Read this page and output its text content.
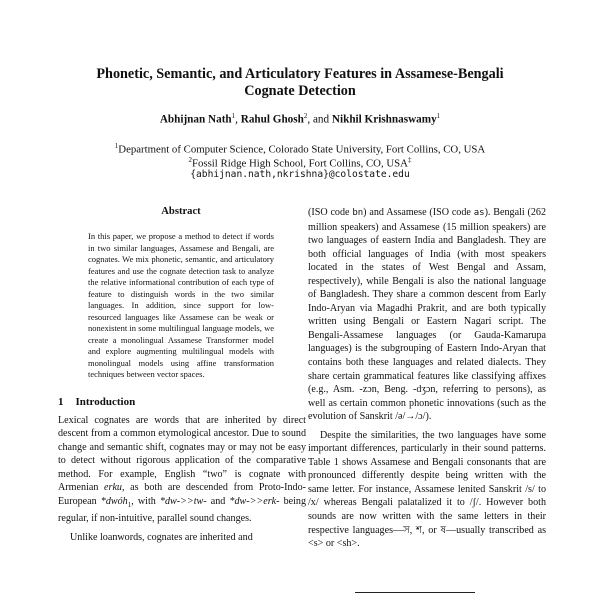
Phonetic, Semantic, and Articulatory Features in Assamese-Bengali
Cognate Detection
Abhijnan Nath$^1$, Rahul Ghosh$^2$, and Nikhil Krishnaswamy$^1$
$^1$Department of Computer Science, Colorado State University, Fort Collins, CO, USA
$^2$Fossil Ridge High School, Fort Collins, CO, USA‡
{abhijnan.nath,nkrishna}@colostate.edu
Abstract
In this paper, we propose a method to detect if words in two similar languages, Assamese and Bengali, are cognates. We mix phonetic, semantic, and articulatory features and use the cognate detection task to analyze the relative informational contribution of each type of feature to distinguish words in the two similar languages. In addition, since support for low-resourced languages like Assamese can be weak or nonexistent in some multilingual language models, we create a monolingual Assamese Transformer model and explore augmenting multilingual models with monolingual models using affine transformation techniques between vector spaces.
1 Introduction

Lexical cognates are words that are inherited by direct descent from a common etymological ancestor. Due to sound change and semantic shift, cognates may or may not be easy to detect without rigorous application of the comparative method. For example, English “two” is cognate with Armenian erku, as both are descended from Proto-Indo-European *dwóh$_1$, with *dw->>tw- and *dw->>erk- being regular, if non-intuitive, parallel sound changes.

Unlike loanwords, cognates are inherited and

(ISO code bn) and Assamese (ISO code as). Bengali (262 million speakers) and Assamese (15 million speakers) are two languages of eastern India and Bangladesh. They are both official languages of India (with most speakers located in the states of West Bengal and Assam, respectively), while Bengali is also the national language of Bangladesh. They share a common descent from Early Indo-Aryan via Magadhi Prakrit, and are both typically written using Bengali or Eastern Nagari script. The Bengali-Assamese languages (or Gauda-Kamarupa languages) is the subgrouping of Eastern Indo-Aryan that contains both these languages and related dialects. They share certain grammatical features like classifying affixes (e.g., Asm. -zɔn, Beng. -dʒɔn, referring to persons), as well as certain common phonetic innovations (such as the evolution of Sanskrit /ə/→/ɔ/).

Despite the similarities, the two languages have some important differences, particularly in their sound patterns. Table 1 shows Assamese and Bengali consonants that are pronounced differently despite being written with the same letter. For instance, Assamese lenited Sanskrit /s/ to /x/ whereas Bengali palatalized it to /ʃ/. However both sounds are now written with the same letters in their respective languages—স, শ, or ষ—usually transcribed as <s> or <sh>.
